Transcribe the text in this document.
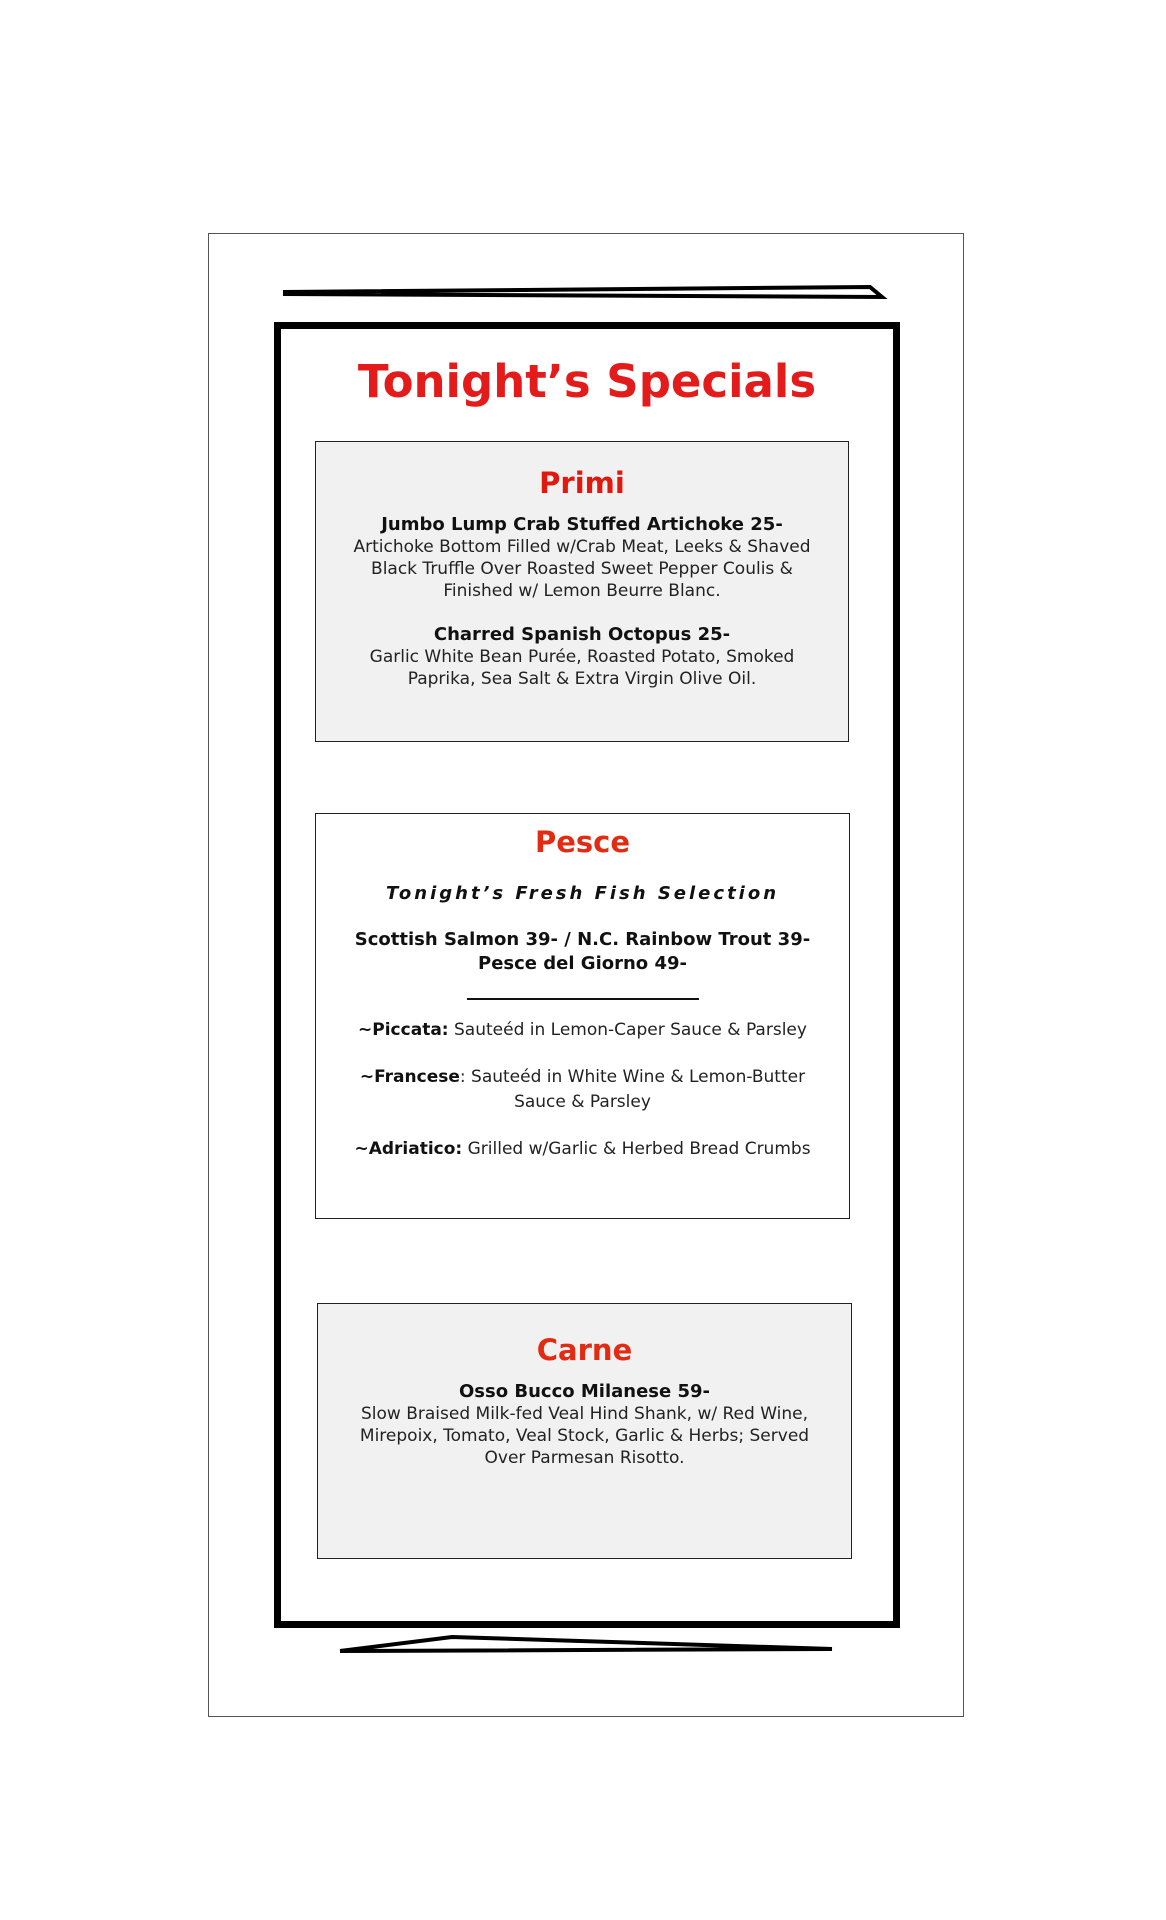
Tonight’s Specials
Primi

Jumbo Lump Crab Stuffed Artichoke 25-

Artichoke Bottom Filled w/Crab Meat, Leeks & Shaved Black Truffle Over Roasted Sweet Pepper Coulis & Finished w/ Lemon Beurre Blanc.

Charred Spanish Octopus 25-

Garlic White Bean Purée, Roasted Potato, Smoked Paprika, Sea Salt & Extra Virgin Olive Oil.

Pesce

Tonight’s Fresh Fish Selection

Scottish Salmon 39- / N.C. Rainbow Trout 39-

Pesce del Giorno 49-

~Piccata: Sauteéd in Lemon-Caper Sauce & Parsley

~Francese: Sauteéd in White Wine & Lemon-Butter Sauce & Parsley

~Adriatico: Grilled w/Garlic & Herbed Bread Crumbs

Carne

Osso Bucco Milanese 59-

Slow Braised Milk-fed Veal Hind Shank, w/ Red Wine, Mirepoix, Tomato, Veal Stock, Garlic & Herbs; Served Over Parmesan Risotto.
